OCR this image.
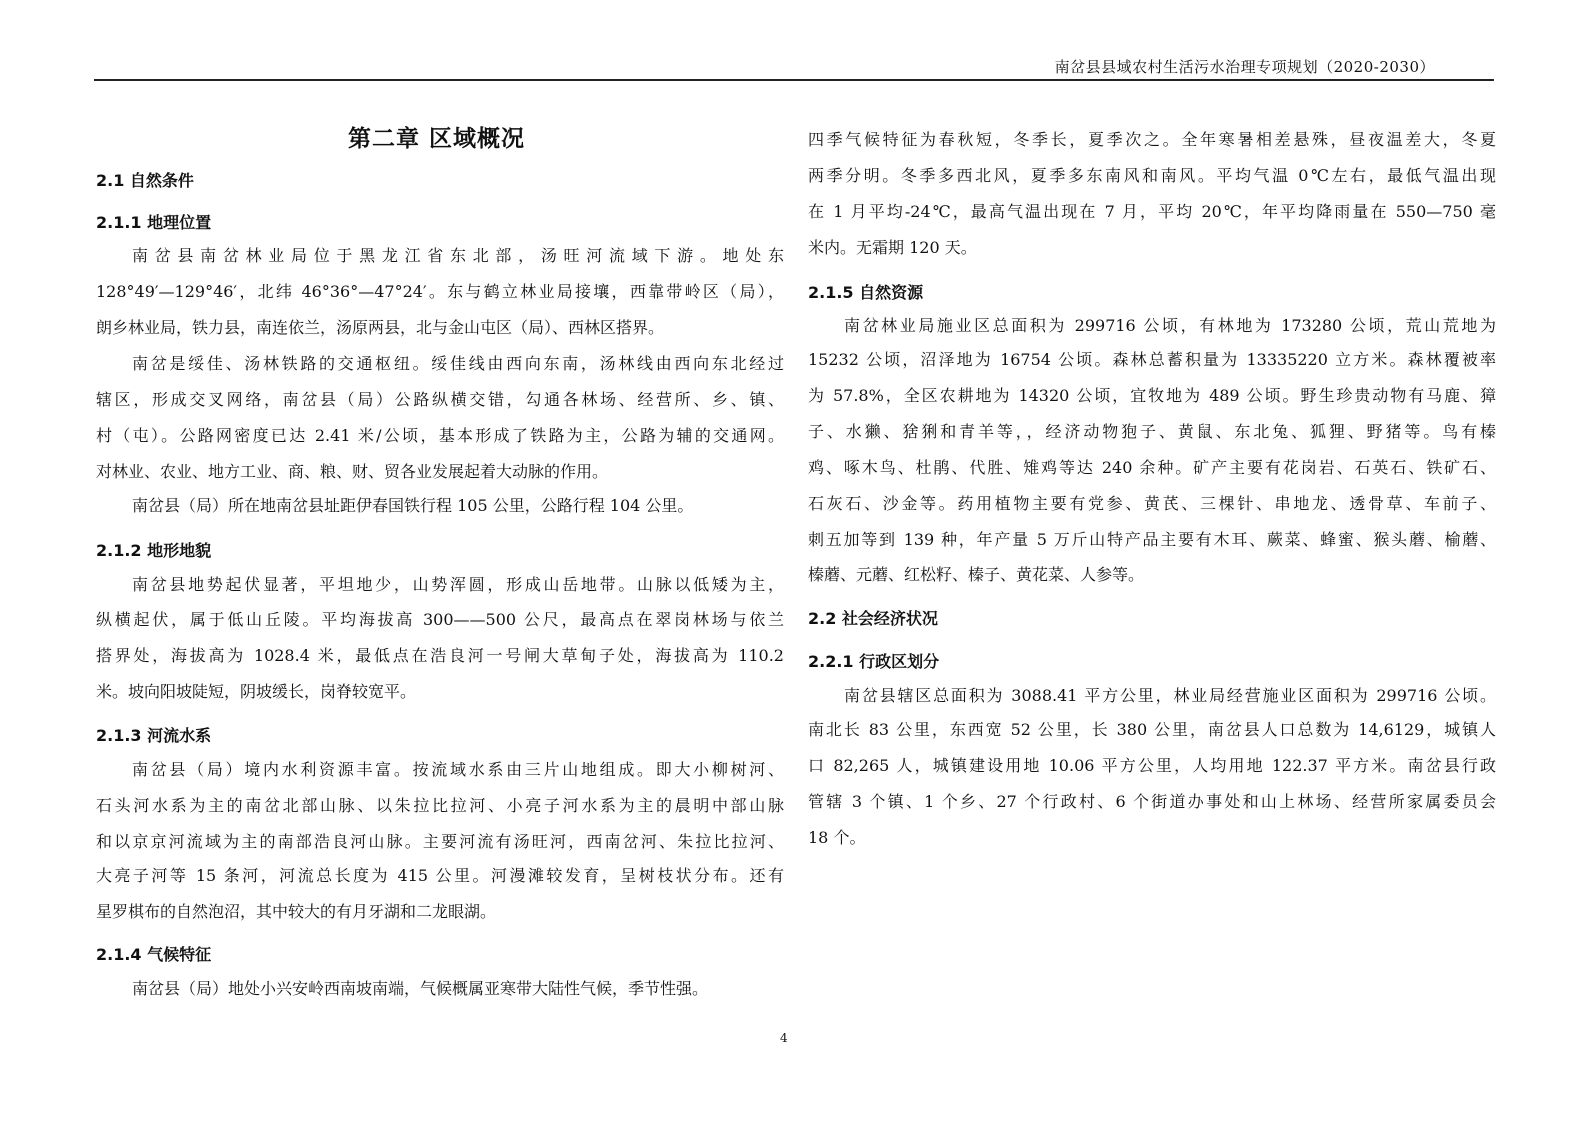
南岔县县域农村生活污水治理专项规划（2020-2030）
第二章 区域概况
2.1 自然条件
2.1.1 地理位置
南岔县南岔林业局位于黑龙江省东北部，汤旺河流域下游。地处东
128°49′—129°46′，北纬 46°36°—47°24′。东与鹤立林业局接壤，西靠带岭区（局），
朗乡林业局，铁力县，南连依兰，汤原两县，北与金山屯区（局）、西林区搭界。
南岔是绥佳、汤林铁路的交通枢纽。绥佳线由西向东南，汤林线由西向东北经过
辖区，形成交叉网络，南岔县（局）公路纵横交错，勾通各林场、经营所、乡、镇、
村（屯）。公路网密度已达 2.41 米/公顷，基本形成了铁路为主，公路为辅的交通网。
对林业、农业、地方工业、商、粮、财、贸各业发展起着大动脉的作用。
南岔县（局）所在地南岔县址距伊春国铁行程 105 公里，公路行程 104 公里。
2.1.2 地形地貌
南岔县地势起伏显著，平坦地少，山势浑圆，形成山岳地带。山脉以低矮为主，
纵横起伏，属于低山丘陵。平均海拔高 300——500 公尺，最高点在翠岗林场与依兰
搭界处，海拔高为 1028.4 米，最低点在浩良河一号闸大草甸子处，海拔高为 110.2
米。坡向阳坡陡短，阴坡缓长，岗脊较宽平。
2.1.3 河流水系
南岔县（局）境内水利资源丰富。按流域水系由三片山地组成。即大小柳树河、
石头河水系为主的南岔北部山脉、以朱拉比拉河、小亮子河水系为主的晨明中部山脉
和以京京河流域为主的南部浩良河山脉。主要河流有汤旺河，西南岔河、朱拉比拉河、
大亮子河等 15 条河，河流总长度为 415 公里。河漫滩较发育，呈树枝状分布。还有
星罗棋布的自然泡沼，其中较大的有月牙湖和二龙眼湖。
2.1.4 气候特征
南岔县（局）地处小兴安岭西南坡南端，气候概属亚寒带大陆性气候，季节性强。
四季气候特征为春秋短，冬季长，夏季次之。全年寒暑相差悬殊，昼夜温差大，冬夏
两季分明。冬季多西北风，夏季多东南风和南风。平均气温 0℃左右，最低气温出现
在 1 月平均-24℃，最高气温出现在 7 月，平均 20℃，年平均降雨量在 550—750 毫
米内。无霜期 120 天。
2.1.5 自然资源
南岔林业局施业区总面积为 299716 公顷，有林地为 173280 公顷，荒山荒地为
15232 公顷，沼泽地为 16754 公顷。森林总蓄积量为 13335220 立方米。森林覆被率
为 57.8%，全区农耕地为 14320 公顷，宜牧地为 489 公顷。野生珍贵动物有马鹿、獐
子、水獭、猞猁和青羊等，，经济动物狍子、黄鼠、东北兔、狐狸、野猪等。鸟有榛
鸡、啄木鸟、杜鹃、代胜、雉鸡等达 240 余种。矿产主要有花岗岩、石英石、铁矿石、
石灰石、沙金等。药用植物主要有党参、黄芪、三棵针、串地龙、透骨草、车前子、
刺五加等到 139 种，年产量 5 万斤山特产品主要有木耳、蕨菜、蜂蜜、猴头蘑、榆蘑、
榛蘑、元蘑、红松籽、榛子、黄花菜、人参等。
2.2 社会经济状况
2.2.1 行政区划分
南岔县辖区总面积为 3088.41 平方公里，林业局经营施业区面积为 299716 公顷。
南北长 83 公里，东西宽 52 公里，长 380 公里，南岔县人口总数为 14,6129，城镇人
口 82,265 人，城镇建设用地 10.06 平方公里，人均用地 122.37 平方米。南岔县行政
管辖 3 个镇、1 个乡、27 个行政村、6 个街道办事处和山上林场、经营所家属委员会
18 个。
4
